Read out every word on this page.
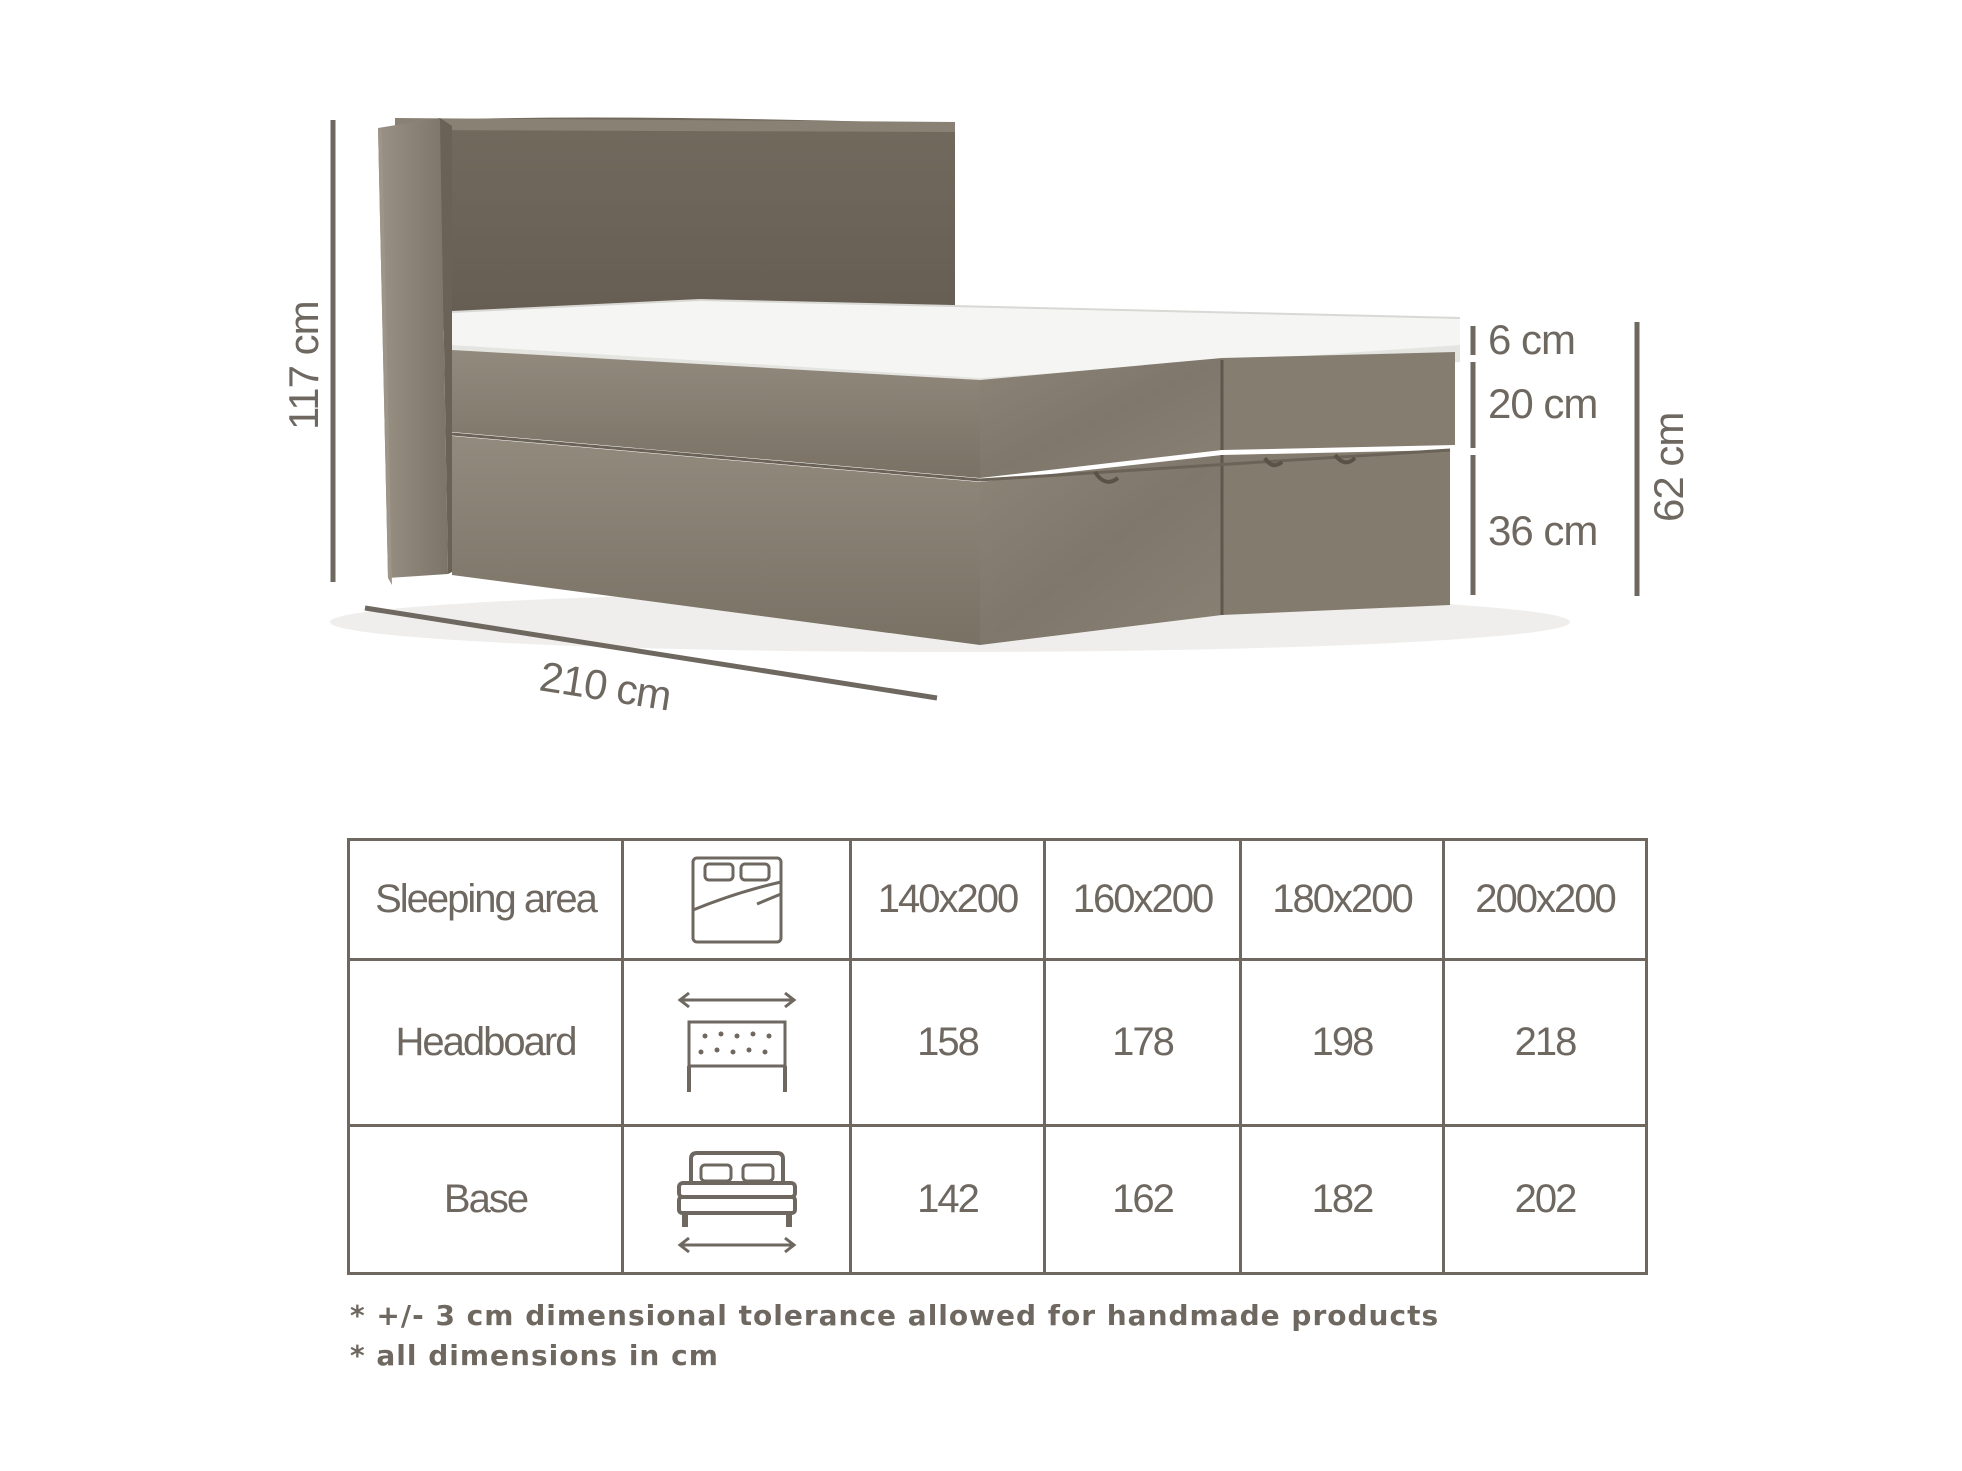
117 cm
210 cm
6 cm
20 cm
36 cm
62 cm
Sleeping area		140x200	160x200	180x200	200x200
Headboard		158	178	198	218
Base		142	162	182	202
* +/- 3 cm dimensional tolerance allowed for handmade products
* all dimensions in cm
